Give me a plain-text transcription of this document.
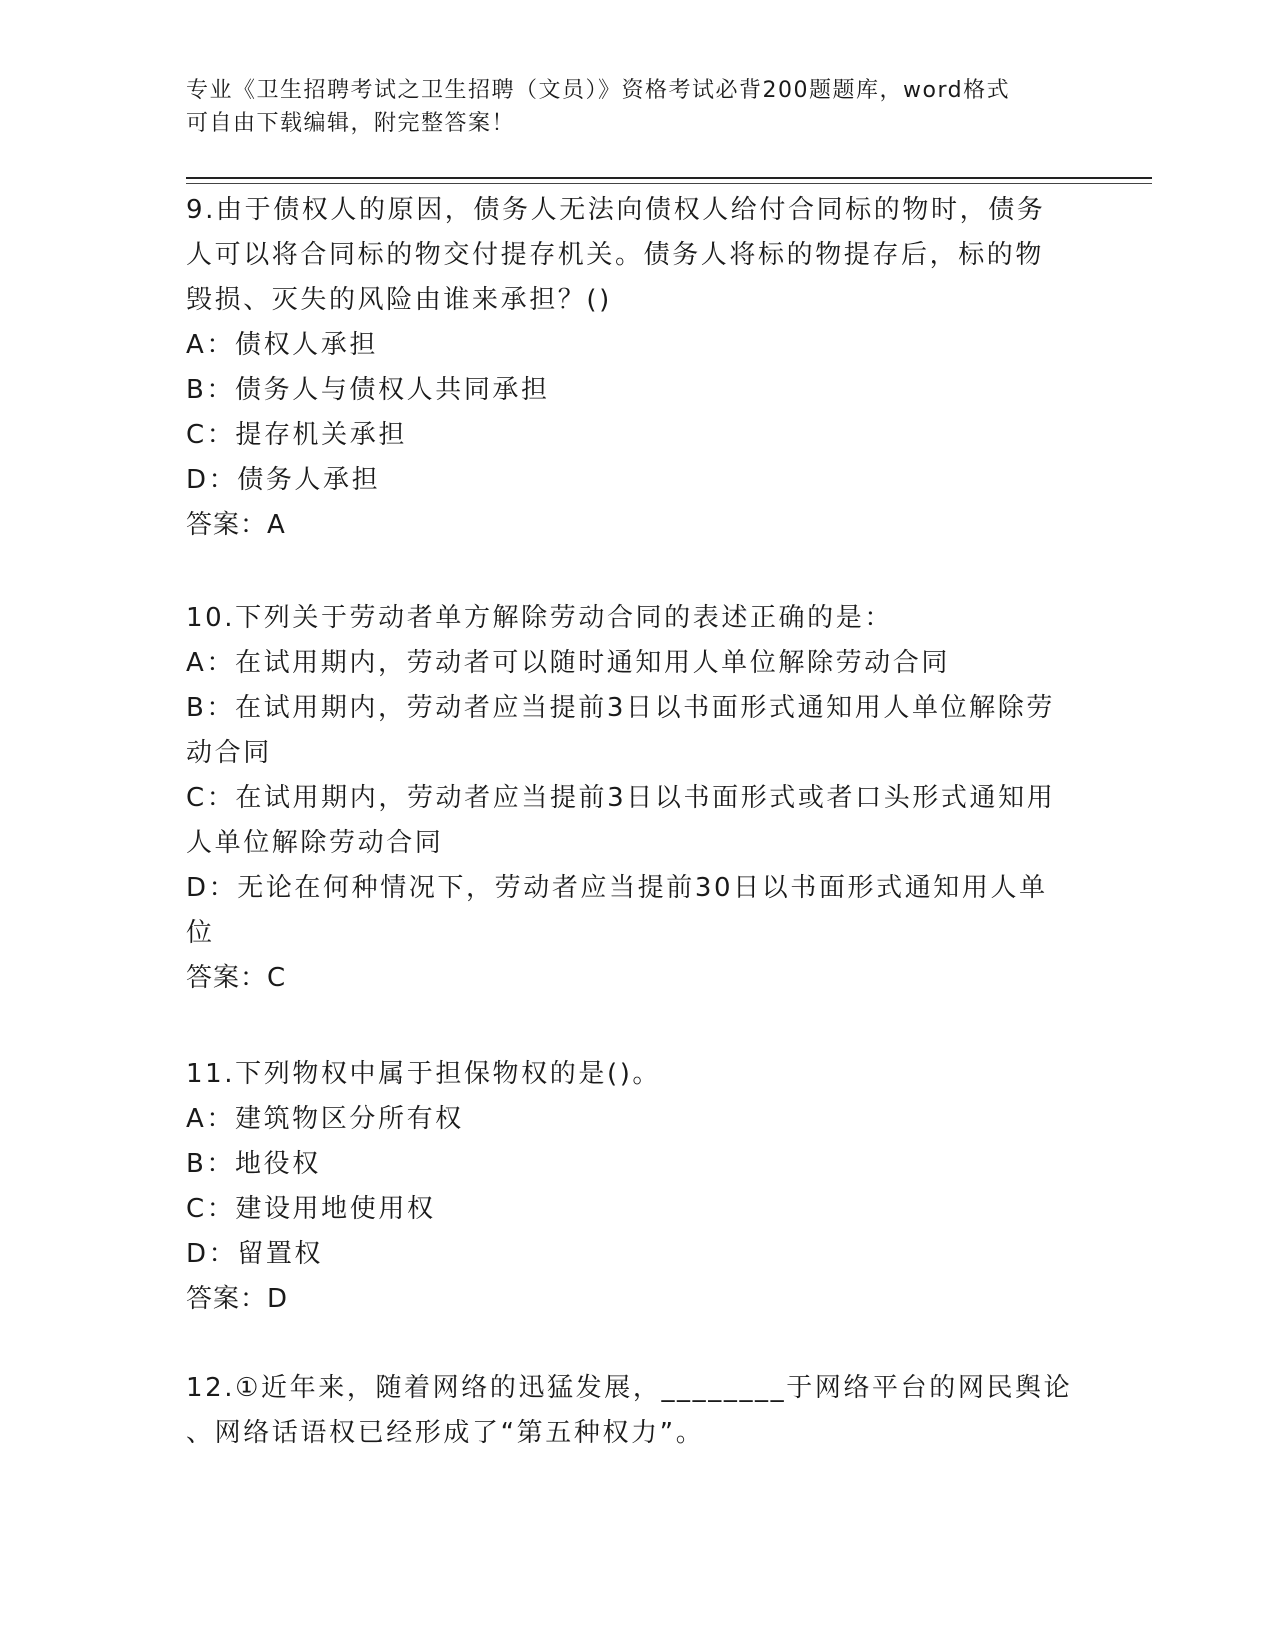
专业《卫生招聘考试之卫生招聘（文员）》资格考试必背200题题库，word格式
可自由下载编辑，附完整答案！
9.由于债权人的原因，债务人无法向债权人给付合同标的物时，债务
人可以将合同标的物交付提存机关。债务人将标的物提存后，标的物
毁损、灭失的风险由谁来承担？()
A：债权人承担
B：债务人与债权人共同承担
C：提存机关承担
D：债务人承担
答案：A
10.下列关于劳动者单方解除劳动合同的表述正确的是：
A：在试用期内，劳动者可以随时通知用人单位解除劳动合同
B：在试用期内，劳动者应当提前3日以书面形式通知用人单位解除劳
动合同
C：在试用期内，劳动者应当提前3日以书面形式或者口头形式通知用
人单位解除劳动合同
D：无论在何种情况下，劳动者应当提前30日以书面形式通知用人单
位
答案：C
11.下列物权中属于担保物权的是()。
A：建筑物区分所有权
B：地役权
C：建设用地使用权
D：留置权
答案：D
12.①近年来，随着网络的迅猛发展，________于网络平台的网民舆论
、网络话语权已经形成了“第五种权力”。
